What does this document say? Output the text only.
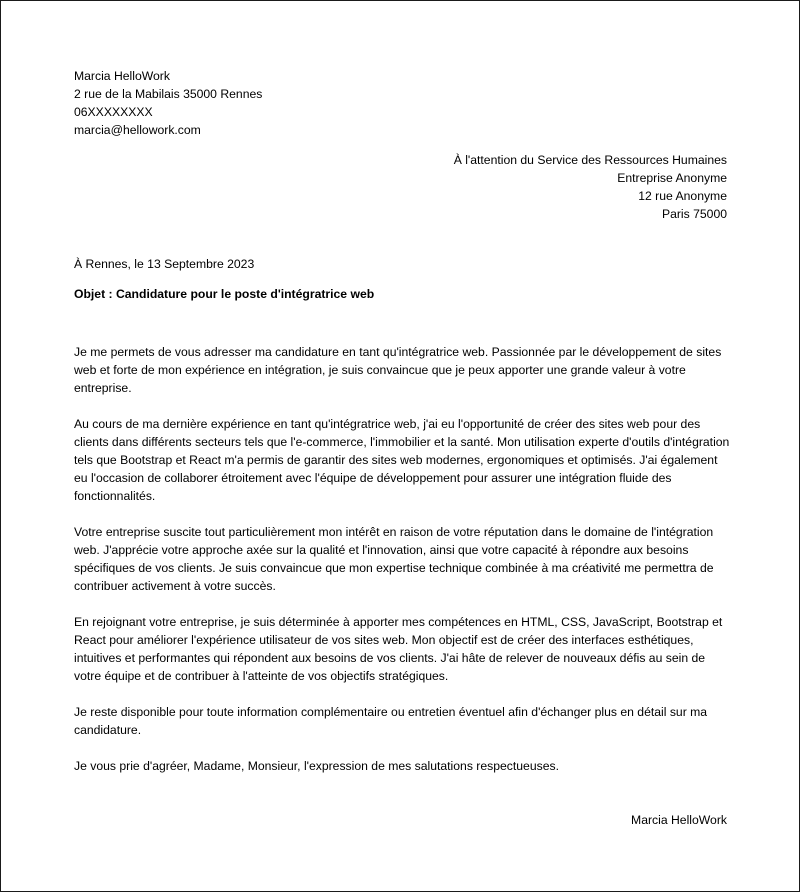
Marcia HelloWork
2 rue de la Mabilais 35000 Rennes
06XXXXXXXX
marcia@hellowork.com
À l'attention du Service des Ressources Humaines
Entreprise Anonyme
12 rue Anonyme
Paris 75000
À Rennes, le 13 Septembre 2023
Objet : Candidature pour le poste d'intégratrice web

Je me permets de vous adresser ma candidature en tant qu'intégratrice web. Passionnée par le développement de sites web et forte de mon expérience en intégration, je suis convaincue que je peux apporter une grande valeur à votre entreprise.

Au cours de ma dernière expérience en tant qu'intégratrice web, j'ai eu l'opportunité de créer des sites web pour des clients dans différents secteurs tels que l'e-commerce, l'immobilier et la santé. Mon utilisation experte d'outils d'intégration tels que Bootstrap et React m'a permis de garantir des sites web modernes, ergonomiques et optimisés. J'ai également eu l'occasion de collaborer étroitement avec l'équipe de développement pour assurer une intégration fluide des fonctionnalités.

Votre entreprise suscite tout particulièrement mon intérêt en raison de votre réputation dans le domaine de l'intégration web. J'apprécie votre approche axée sur la qualité et l'innovation, ainsi que votre capacité à répondre aux besoins spécifiques de vos clients. Je suis convaincue que mon expertise technique combinée à ma créativité me permettra de contribuer activement à votre succès.

En rejoignant votre entreprise, je suis déterminée à apporter mes compétences en HTML, CSS, JavaScript, Bootstrap et React pour améliorer l'expérience utilisateur de vos sites web. Mon objectif est de créer des interfaces esthétiques, intuitives et performantes qui répondent aux besoins de vos clients. J'ai hâte de relever de nouveaux défis au sein de votre équipe et de contribuer à l'atteinte de vos objectifs stratégiques.

Je reste disponible pour toute information complémentaire ou entretien éventuel afin d'échanger plus en détail sur ma candidature.

Je vous prie d'agréer, Madame, Monsieur, l'expression de mes salutations respectueuses.

Marcia HelloWork
